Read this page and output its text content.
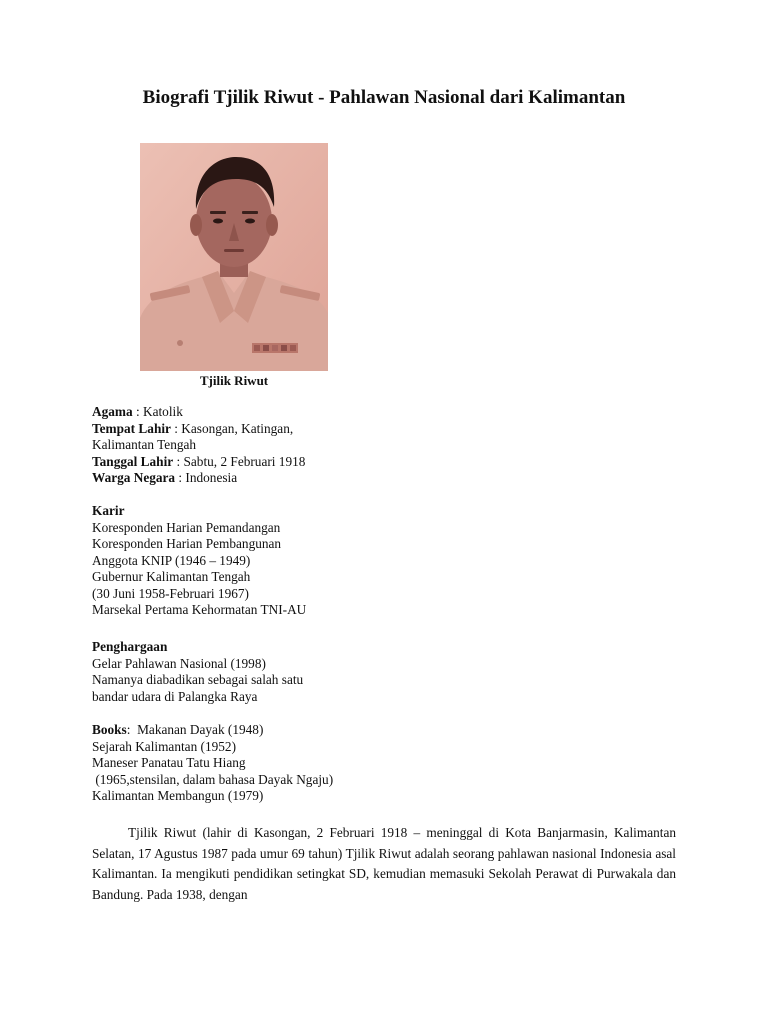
Biografi Tjilik Riwut - Pahlawan Nasional dari Kalimantan
Tjilik Riwut
Agama : Katolik
Tempat Lahir : Kasongan, Katingan,
Kalimantan Tengah
Tanggal Lahir : Sabtu, 2 Februari 1918
Warga Negara : Indonesia
Karir
Koresponden Harian Pemandangan
Koresponden Harian Pembangunan
Anggota KNIP (1946 – 1949)
Gubernur Kalimantan Tengah
(30 Juni 1958-Februari 1967)
Marsekal Pertama Kehormatan TNI-AU
Penghargaan
Gelar Pahlawan Nasional (1998)
Namanya diabadikan sebagai salah satu
bandar udara di Palangka Raya
Books:  Makanan Dayak (1948)
Sejarah Kalimantan (1952)
Maneser Panatau Tatu Hiang
(1965,stensilan, dalam bahasa Dayak Ngaju)
Kalimantan Membangun (1979)

Tjilik Riwut (lahir di Kasongan, 2 Februari 1918 – meninggal di Kota Banjarmasin, Kalimantan Selatan, 17 Agustus 1987 pada umur 69 tahun) Tjilik Riwut adalah seorang pahlawan nasional Indonesia asal Kalimantan. Ia mengikuti pendidikan setingkat SD, kemudian memasuki Sekolah Perawat di Purwakala dan Bandung. Pada 1938, dengan
